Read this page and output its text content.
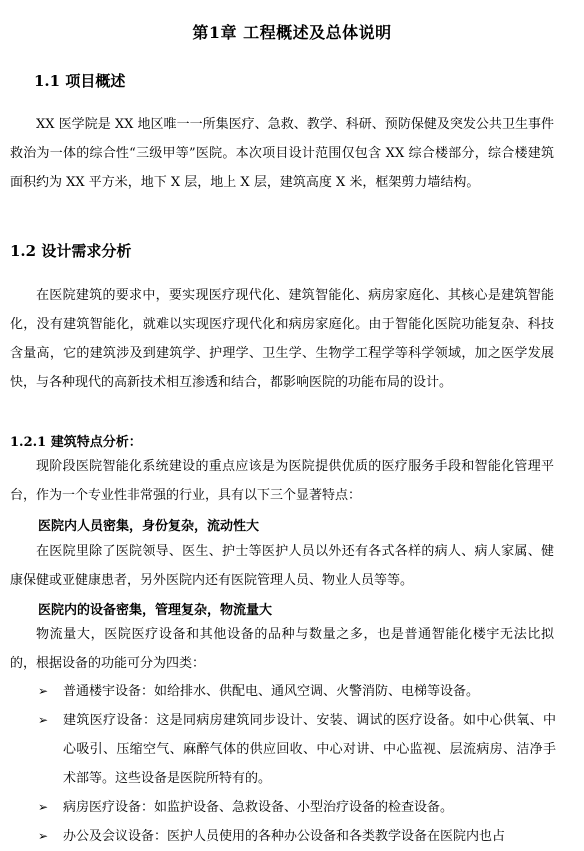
第1章 工程概述及总体说明
1.1 项目概述

XX 医学院是 XX 地区唯一一所集医疗、急救、教学、科研、预防保健及突发公共卫生事件救治为一体的综合性“三级甲等”医院。本次项目设计范围仅包含 XX 综合楼部分，综合楼建筑面积约为 XX 平方米，地下 X 层，地上 X 层，建筑高度 X 米，框架剪力墙结构。

1.2 设计需求分析

在医院建筑的要求中，要实现医疗现代化、建筑智能化、病房家庭化、其核心是建筑智能化，没有建筑智能化，就难以实现医疗现代化和病房家庭化。由于智能化医院功能复杂、科技含量高，它的建筑涉及到建筑学、护理学、卫生学、生物学工程学等科学领域，加之医学发展快，与各种现代的高新技术相互渗透和结合，都影响医院的功能布局的设计。

1.2.1 建筑特点分析：

现阶段医院智能化系统建设的重点应该是为医院提供优质的医疗服务手段和智能化管理平台，作为一个专业性非常强的行业，具有以下三个显著特点：

医院内人员密集，身份复杂，流动性大

在医院里除了医院领导、医生、护士等医护人员以外还有各式各样的病人、病人家属、健康保健或亚健康患者，另外医院内还有医院管理人员、物业人员等等。

医院内的设备密集，管理复杂，物流量大

物流量大，医院医疗设备和其他设备的品种与数量之多，也是普通智能化楼宇无法比拟的，根据设备的功能可分为四类：

➢ 普通楼宇设备：如给排水、供配电、通风空调、火警消防、电梯等设备。
➢ 建筑医疗设备：这是同病房建筑同步设计、安装、调试的医疗设备。如中心供氧、中心吸引、压缩空气、麻醉气体的供应回收、中心对讲、中心监视、层流病房、洁净手术部等。这些设备是医院所特有的。
➢ 病房医疗设备：如监护设备、急救设备、小型治疗设备的检查设备。
➢ 办公及会议设备：医护人员使用的各种办公设备和各类教学设备在医院内也占
